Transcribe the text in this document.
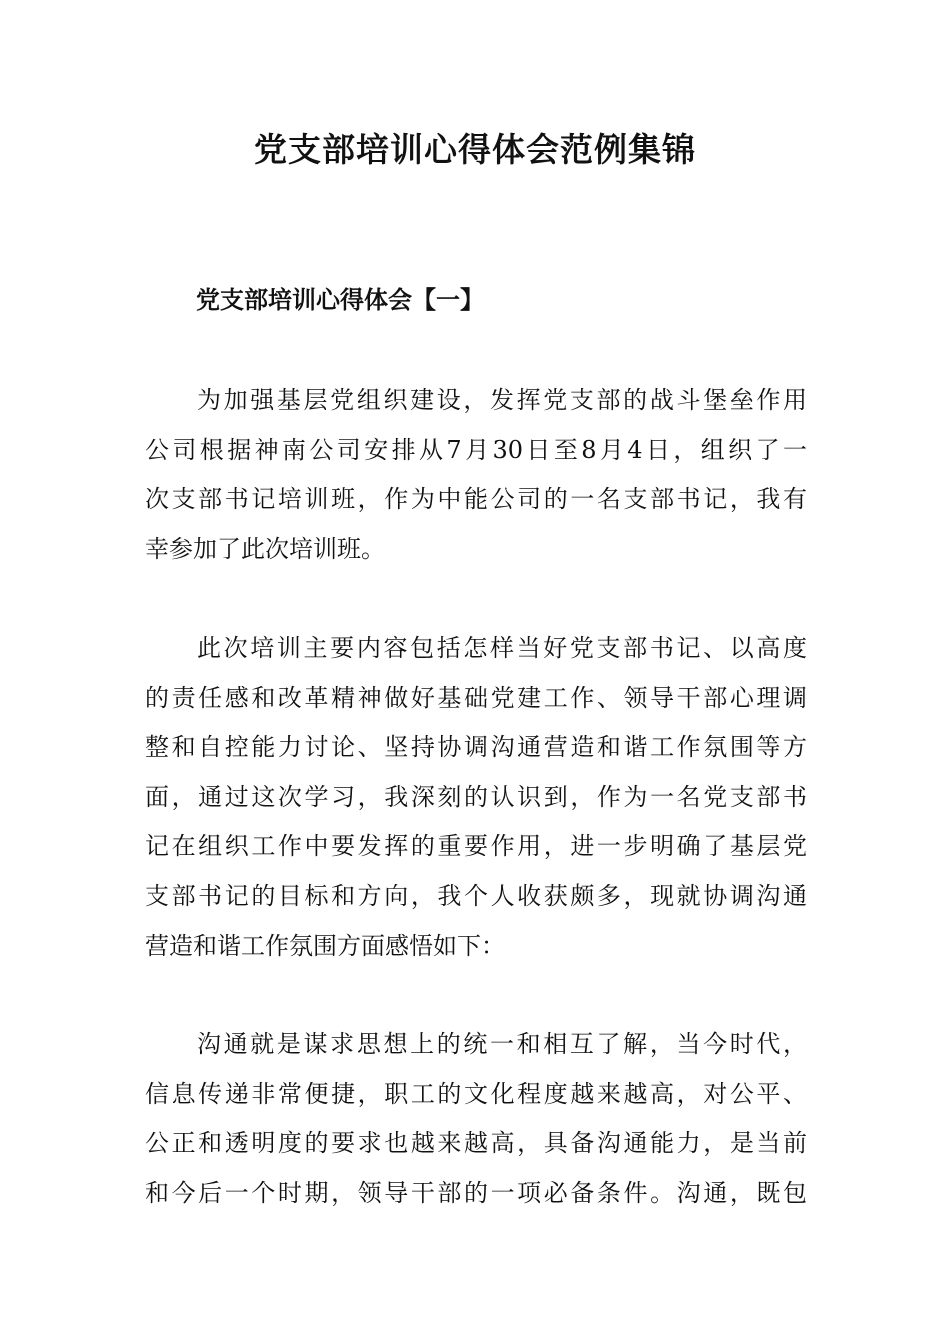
党支部培训心得体会范例集锦
党支部培训心得体会【一】

为加强基层党组织建设，发挥党支部的战斗堡垒作用
公司根据神南公司安排从7月30日至8月4日，组织了一
次支部书记培训班，作为中能公司的一名支部书记，我有
幸参加了此次培训班。

此次培训主要内容包括怎样当好党支部书记、以高度
的责任感和改革精神做好基础党建工作、领导干部心理调
整和自控能力讨论、坚持协调沟通营造和谐工作氛围等方
面，通过这次学习，我深刻的认识到，作为一名党支部书
记在组织工作中要发挥的重要作用，进一步明确了基层党
支部书记的目标和方向，我个人收获颇多，现就协调沟通
营造和谐工作氛围方面感悟如下：

沟通就是谋求思想上的统一和相互了解，当今时代，
信息传递非常便捷，职工的文化程度越来越高，对公平、
公正和透明度的要求也越来越高，具备沟通能力，是当前
和今后一个时期，领导干部的一项必备条件。沟通，既包
